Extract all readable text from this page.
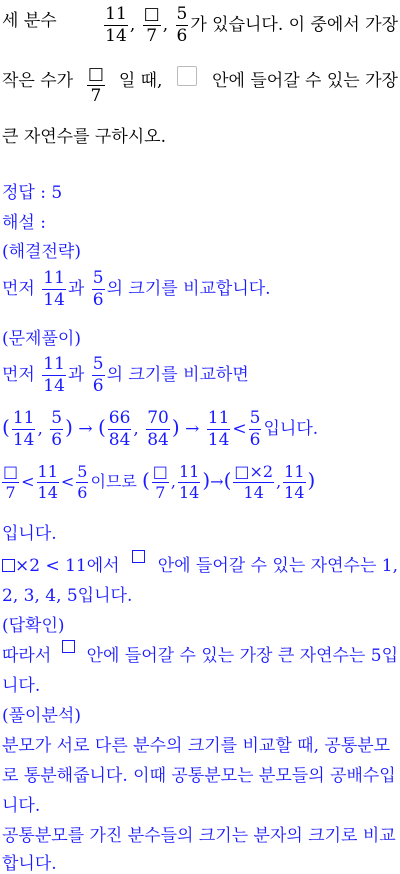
세 분수	$\frac{11}{14}$ , $\frac{□}{7}$ , $\frac{5}{6}$ 가 있습니다. 이 중에서 가장
작은 수가 $\frac{□}{7}$ 일 때,	안에 들어갈 수 있는 가장
큰 자연수를 구하시오.
정답 : 5
해설 :
(해결전략)
먼저 $\frac{11}{14}$ 과 $\frac{5}{6}$ 의 크기를 비교합니다.
(문제풀이)
먼저 $\frac{11}{14}$ 과 $\frac{5}{6}$ 의 크기를 비교하면
( $\frac{11}{14}$ , $\frac{5}{6}$ ) → ( $\frac{66}{84}$ , $\frac{70}{84}$ ) → $\frac{11}{14} < \frac{5}{6}$ 입니다.
$\frac{□}{7} < \frac{11}{14} < \frac{5}{6}$ 이므로 ( $\frac{□}{7}$ , $\frac{11}{14}$ )→( $\frac{□\times 2}{14}$ , $\frac{11}{14}$ )
입니다.
×2 < 11에서 안에 들어갈 수 있는 자연수는 1,
2, 3, 4, 5입니다.
(답확인)
따라서 안에 들어갈 수 있는 가장 큰 자연수는 5입
니다.
(풀이분석)
분모가 서로 다른 분수의 크기를 비교할 때, 공통분모
로 통분해줍니다. 이때 공통분모는 분모들의 공배수입
니다.
공통분모를 가진 분수들의 크기는 분자의 크기로 비교
합니다.
